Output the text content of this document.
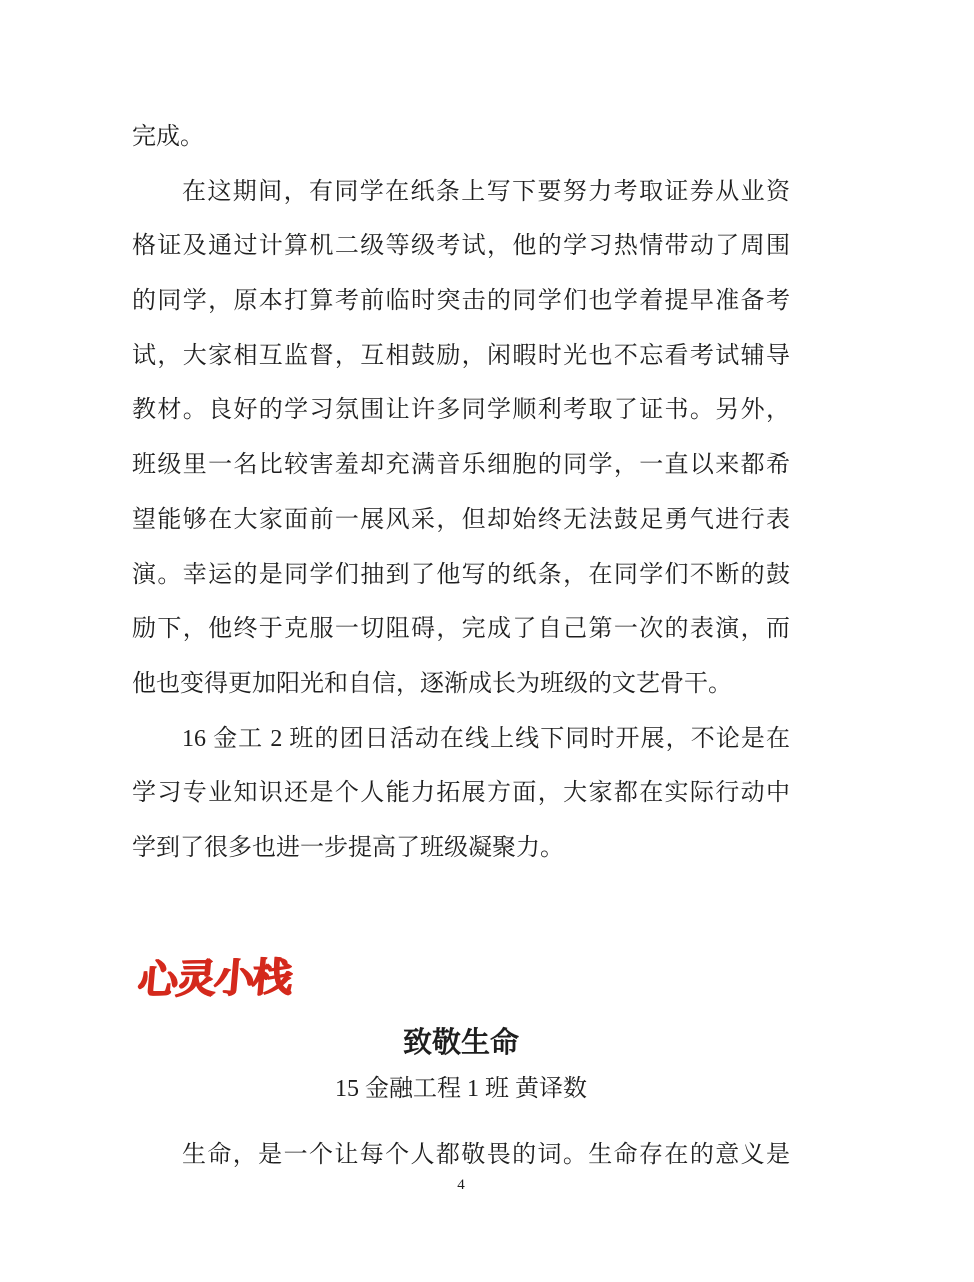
完成。
在这期间，有同学在纸条上写下要努力考取证券从业资
格证及通过计算机二级等级考试，他的学习热情带动了周围
的同学，原本打算考前临时突击的同学们也学着提早准备考
试，大家相互监督，互相鼓励，闲暇时光也不忘看考试辅导
教材。良好的学习氛围让许多同学顺利考取了证书。另外，
班级里一名比较害羞却充满音乐细胞的同学，一直以来都希
望能够在大家面前一展风采，但却始终无法鼓足勇气进行表
演。幸运的是同学们抽到了他写的纸条，在同学们不断的鼓
励下，他终于克服一切阻碍，完成了自己第一次的表演，而
他也变得更加阳光和自信，逐渐成长为班级的文艺骨干。
16 金工 2 班的团日活动在线上线下同时开展，不论是在
学习专业知识还是个人能力拓展方面，大家都在实际行动中
学到了很多也进一步提高了班级凝聚力。
心灵小栈
致敬生命
15 金融工程 1 班 黄译数
生命，是一个让每个人都敬畏的词。生命存在的意义是
4
